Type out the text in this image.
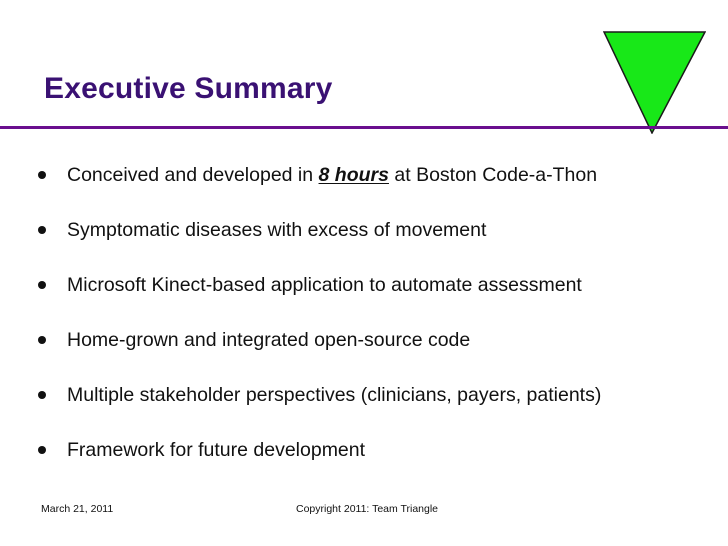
Executive Summary
Conceived and developed in 8 hours at Boston Code-a-Thon
Symptomatic diseases with excess of movement
Microsoft Kinect-based application to automate assessment
Home-grown and integrated open-source code
Multiple stakeholder perspectives (clinicians, payers, patients)
Framework for future development
March 21, 2011	Copyright 2011: Team Triangle
